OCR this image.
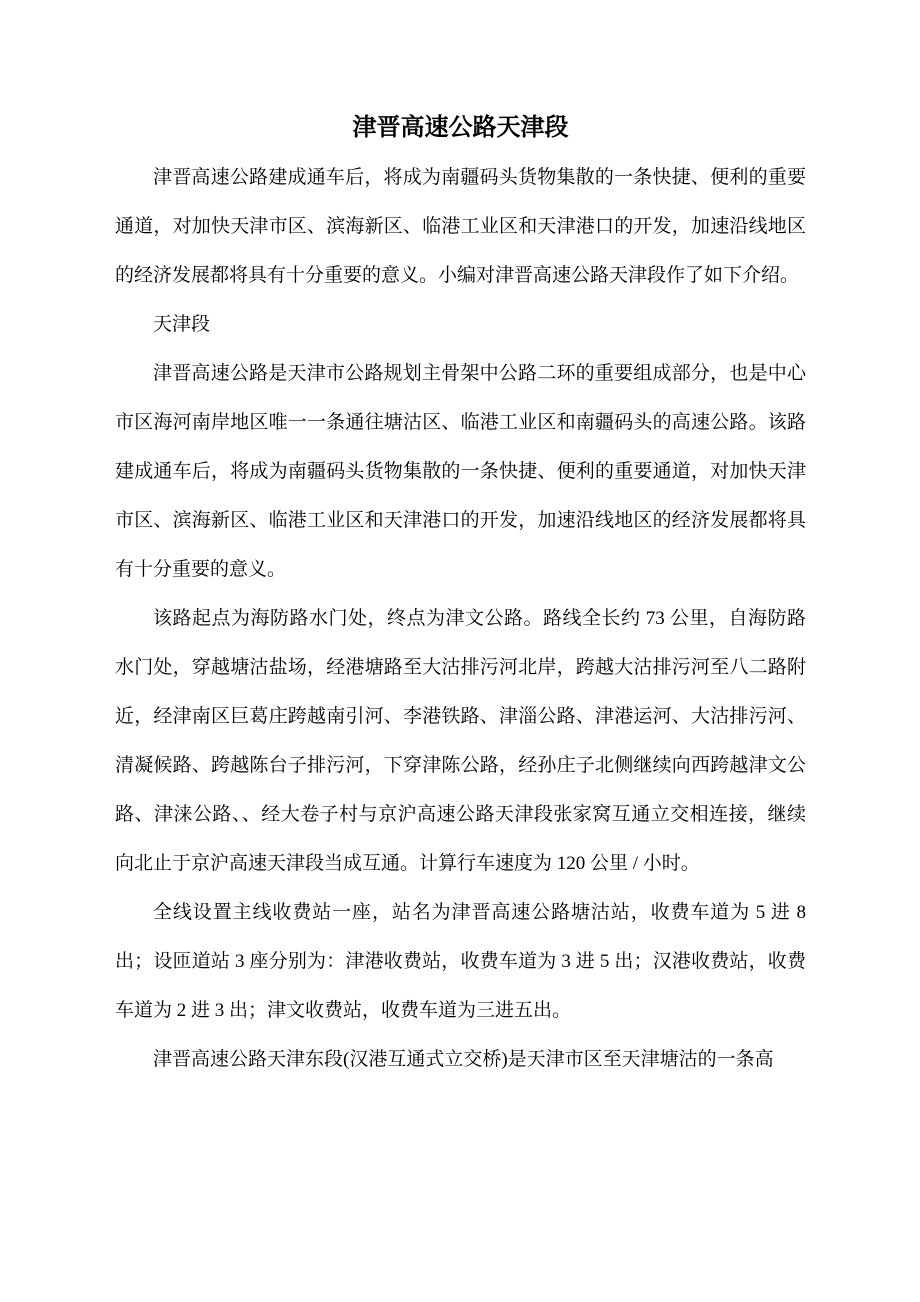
津晋高速公路天津段

津晋高速公路建成通车后，将成为南疆码头货物集散的一条快捷、便利的重要通道，对加快天津市区、滨海新区、临港工业区和天津港口的开发，加速沿线地区的经济发展都将具有十分重要的意义。小编对津晋高速公路天津段作了如下介绍。

天津段

津晋高速公路是天津市公路规划主骨架中公路二环的重要组成部分，也是中心市区海河南岸地区唯一一条通往塘沽区、临港工业区和南疆码头的高速公路。该路建成通车后，将成为南疆码头货物集散的一条快捷、便利的重要通道，对加快天津市区、滨海新区、临港工业区和天津港口的开发，加速沿线地区的经济发展都将具有十分重要的意义。

该路起点为海防路水门处，终点为津文公路。路线全长约 73 公里，自海防路水门处，穿越塘沽盐场，经港塘路至大沽排污河北岸，跨越大沽排污河至八二路附近，经津南区巨葛庄跨越南引河、李港铁路、津淄公路、津港运河、大沽排污河、清凝候路、跨越陈台子排污河，下穿津陈公路，经孙庄子北侧继续向西跨越津文公路、津涞公路、、经大卷子村与京沪高速公路天津段张家窝互通立交相连接，继续向北止于京沪高速天津段当成互通。计算行车速度为 120 公里 / 小时。

全线设置主线收费站一座，站名为津晋高速公路塘沽站，收费车道为 5 进 8 出；设匝道站 3 座分别为：津港收费站，收费车道为 3 进 5 出；汉港收费站，收费车道为 2 进 3 出；津文收费站，收费车道为三进五出。

津晋高速公路天津东段(汉港互通式立交桥)是天津市区至天津塘沽的一条高
